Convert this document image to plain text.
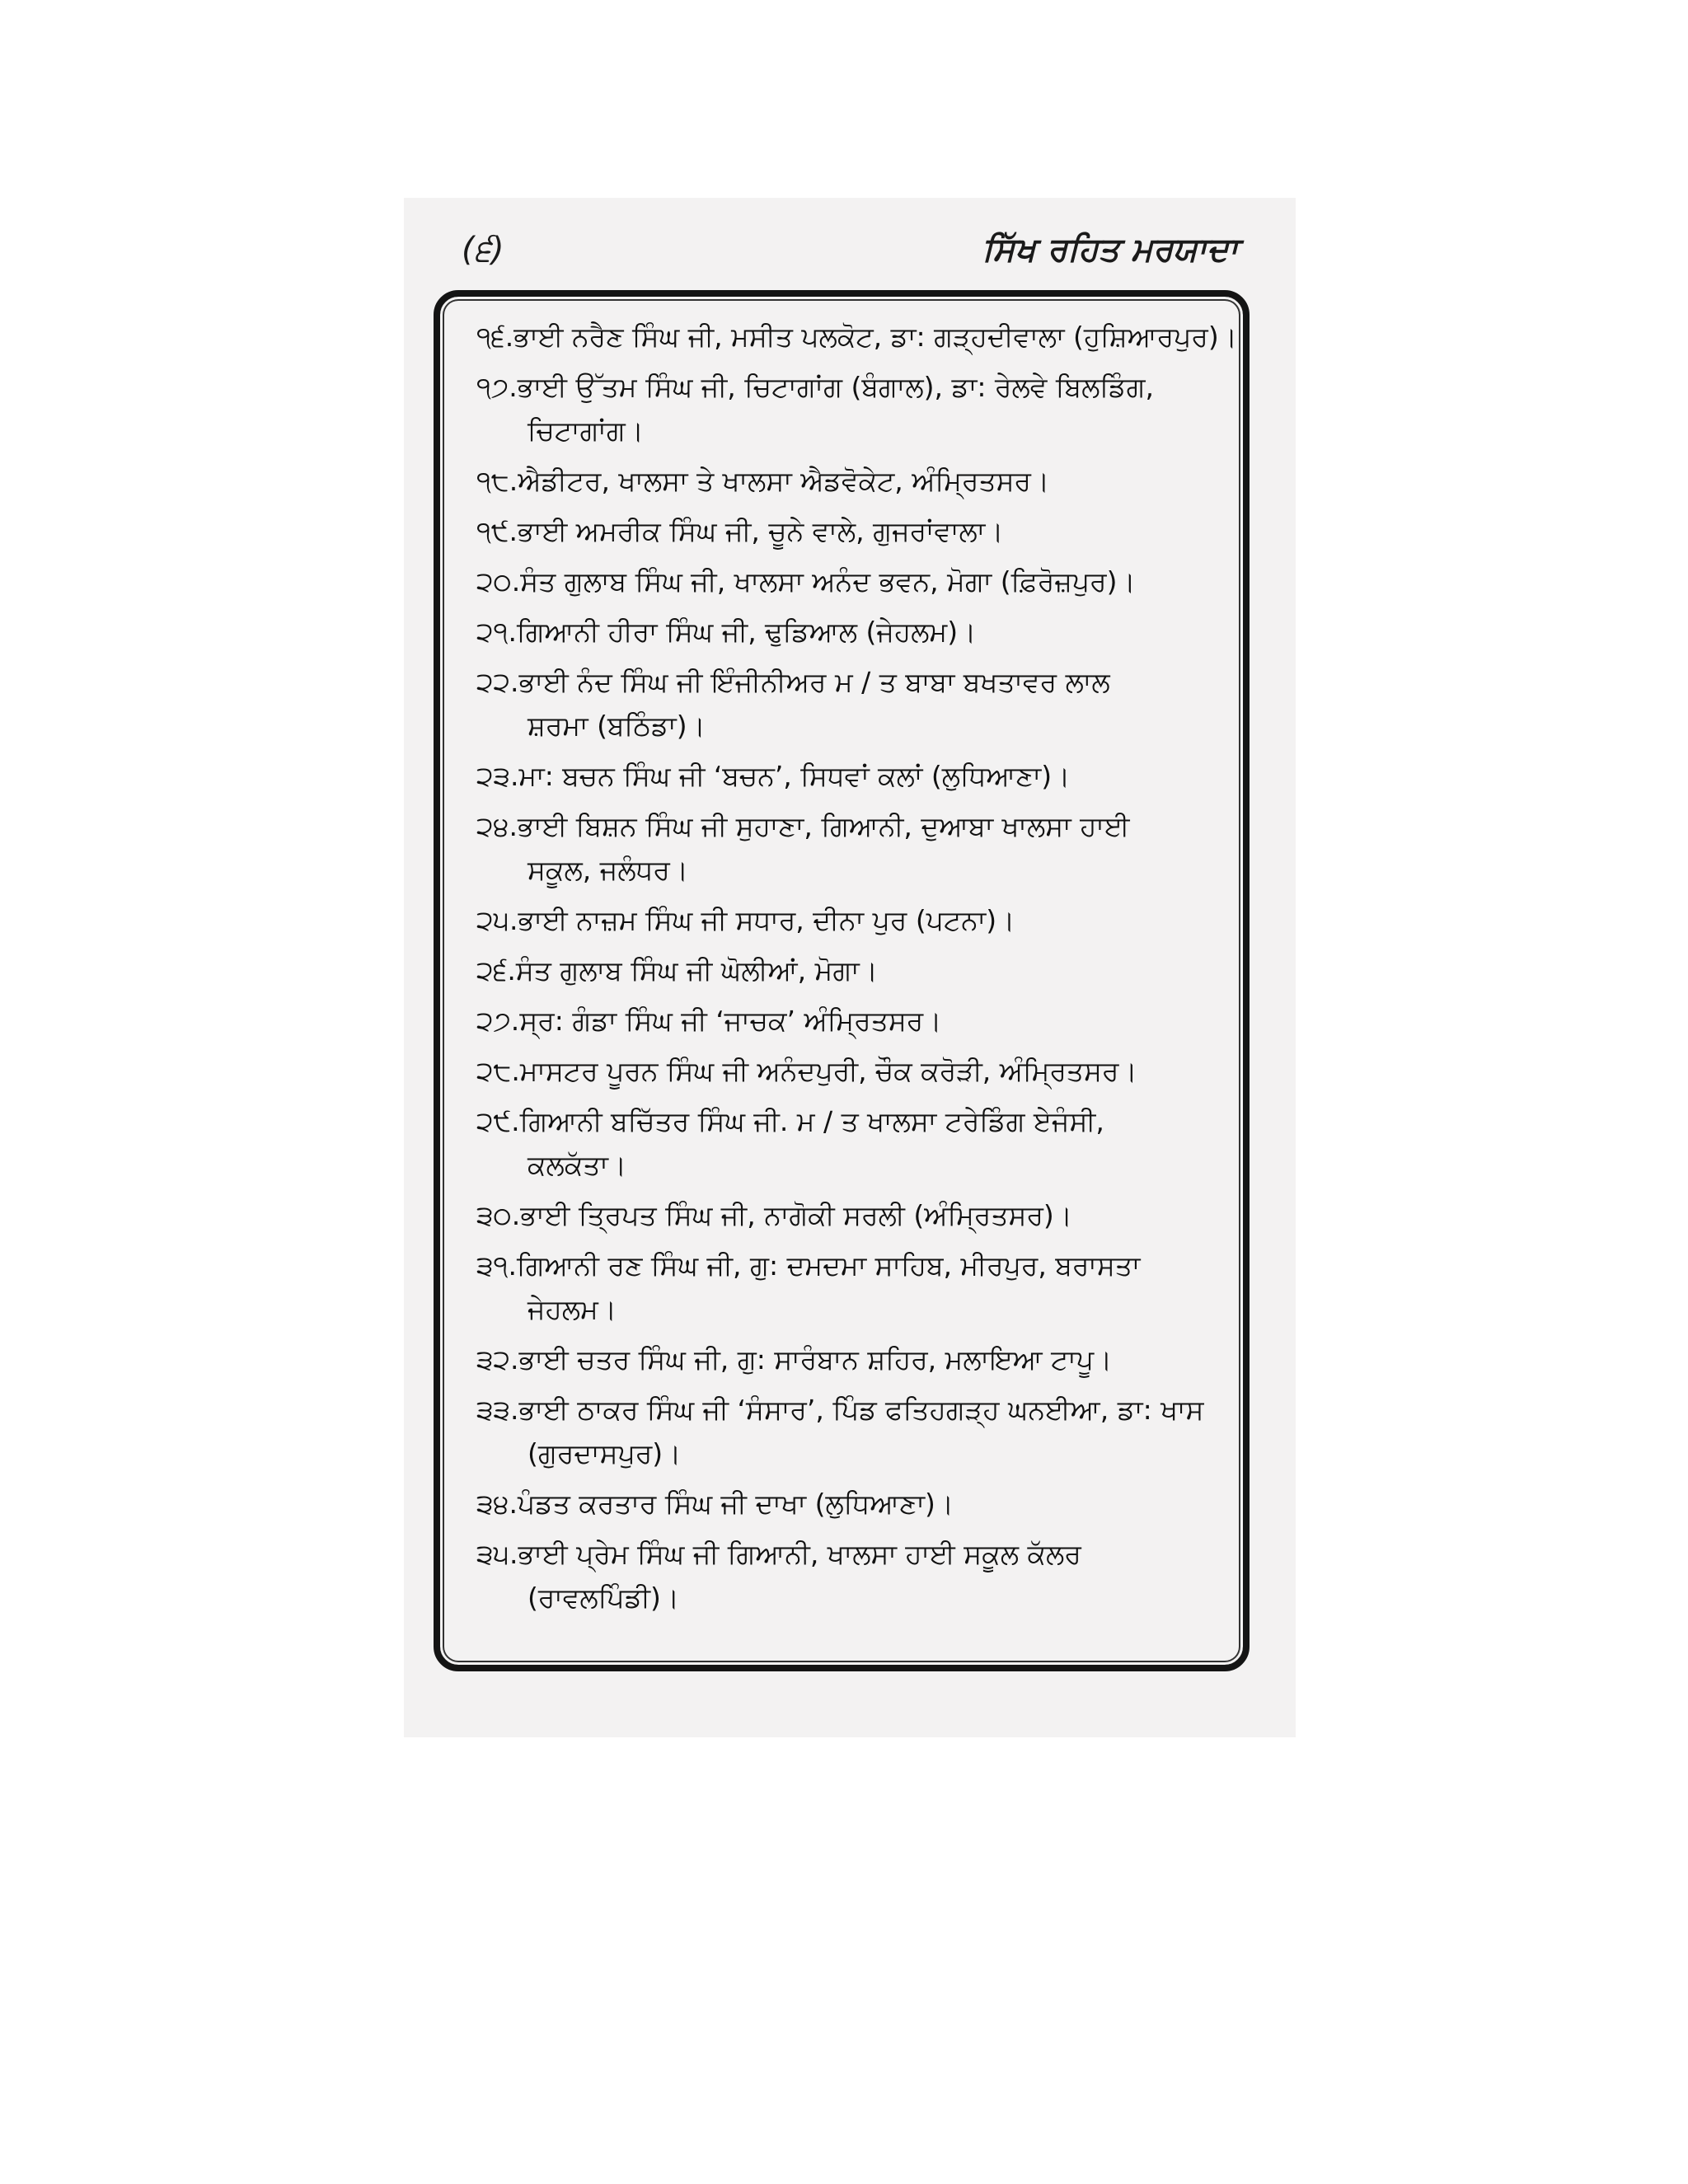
(੬)	ਸਿੱਖ ਰਹਿਤ ਮਰਯਾਦਾ
੧੬.ਭਾਈ ਨਰੈਣ ਸਿੰਘ ਜੀ, ਮਸੀਤ ਪਲਕੋਟ, ਡਾ: ਗੜ੍ਹਦੀਵਾਲਾ (ਹੁਸ਼ਿਆਰਪੁਰ)।
੧੭.ਭਾਈ ਉੱਤਮ ਸਿੰਘ ਜੀ, ਚਿਟਾਗਾਂਗ (ਬੰਗਾਲ), ਡਾ: ਰੇਲਵੇ ਬਿਲਡਿੰਗ,
ਚਿਟਾਗਾਂਗ।
੧੮.ਐਡੀਟਰ, ਖਾਲਸਾ ਤੇ ਖਾਲਸਾ ਐਡਵੋਕੇਟ, ਅੰਮ੍ਰਿਤਸਰ।
੧੯.ਭਾਈ ਅਮਰੀਕ ਸਿੰਘ ਜੀ, ਚੂਨੇ ਵਾਲੇ, ਗੁਜਰਾਂਵਾਲਾ।
੨੦.ਸੰਤ ਗੁਲਾਬ ਸਿੰਘ ਜੀ, ਖਾਲਸਾ ਅਨੰਦ ਭਵਨ, ਮੋਗਾ (ਫ਼ਿਰੋਜ਼ਪੁਰ)।
੨੧.ਗਿਆਨੀ ਹੀਰਾ ਸਿੰਘ ਜੀ, ਢੁਡਿਆਲ (ਜੇਹਲਮ)।
੨੨.ਭਾਈ ਨੰਦ ਸਿੰਘ ਜੀ ਇੰਜੀਨੀਅਰ ਮ / ਤ ਬਾਬਾ ਬਖਤਾਵਰ ਲਾਲ
ਸ਼ਰਮਾ (ਬਠਿੰਡਾ)।
੨੩.ਮਾ: ਬਚਨ ਸਿੰਘ ਜੀ ‘ਬਚਨ’, ਸਿਧਵਾਂ ਕਲਾਂ (ਲੁਧਿਆਣਾ)।
੨੪.ਭਾਈ ਬਿਸ਼ਨ ਸਿੰਘ ਜੀ ਸੁਹਾਣਾ, ਗਿਆਨੀ, ਦੁਆਬਾ ਖਾਲਸਾ ਹਾਈ
ਸਕੂਲ, ਜਲੰਧਰ।
੨੫.ਭਾਈ ਨਾਜ਼ਮ ਸਿੰਘ ਜੀ ਸਧਾਰ, ਦੀਨਾ ਪੁਰ (ਪਟਨਾ)।
੨੬.ਸੰਤ ਗੁਲਾਬ ਸਿੰਘ ਜੀ ਘੋਲੀਆਂ, ਮੋਗਾ।
੨੭.ਸ੍ਰ: ਗੰਡਾ ਸਿੰਘ ਜੀ ‘ਜਾਚਕ’ ਅੰਮ੍ਰਿਤਸਰ।
੨੮.ਮਾਸਟਰ ਪੂਰਨ ਸਿੰਘ ਜੀ ਅਨੰਦਪੁਰੀ, ਚੌਕ ਕਰੋੜੀ, ਅੰਮ੍ਰਿਤਸਰ।
੨੯.ਗਿਆਨੀ ਬਚਿੱਤਰ ਸਿੰਘ ਜੀ. ਮ / ਤ ਖਾਲਸਾ ਟਰੇਡਿੰਗ ਏਜੰਸੀ,
ਕਲਕੱਤਾ।
੩੦.ਭਾਈ ਤ੍ਰਿਪਤ ਸਿੰਘ ਜੀ, ਨਾਗੋਕੀ ਸਰਲੀ (ਅੰਮ੍ਰਿਤਸਰ)।
੩੧.ਗਿਆਨੀ ਰਣ ਸਿੰਘ ਜੀ, ਗੁ: ਦਮਦਮਾ ਸਾਹਿਬ, ਮੀਰਪੁਰ, ਬਰਾਸਤਾ
ਜੇਹਲਮ।
੩੨.ਭਾਈ ਚਤਰ ਸਿੰਘ ਜੀ, ਗੁ: ਸਾਰੰਬਾਨ ਸ਼ਹਿਰ, ਮਲਾਇਆ ਟਾਪੂ।
੩੩.ਭਾਈ ਠਾਕਰ ਸਿੰਘ ਜੀ ‘ਸੰਸਾਰ’, ਪਿੰਡ ਫਤਿਹਗੜ੍ਹ ਘਨਈਆ, ਡਾ: ਖਾਸ
(ਗੁਰਦਾਸਪੁਰ)।
੩੪.ਪੰਡਤ ਕਰਤਾਰ ਸਿੰਘ ਜੀ ਦਾਖਾ (ਲੁਧਿਆਣਾ)।
੩੫.ਭਾਈ ਪ੍ਰੇਮ ਸਿੰਘ ਜੀ ਗਿਆਨੀ, ਖਾਲਸਾ ਹਾਈ ਸਕੂਲ ਕੱਲਰ
(ਰਾਵਲਪਿੰਡੀ)।
